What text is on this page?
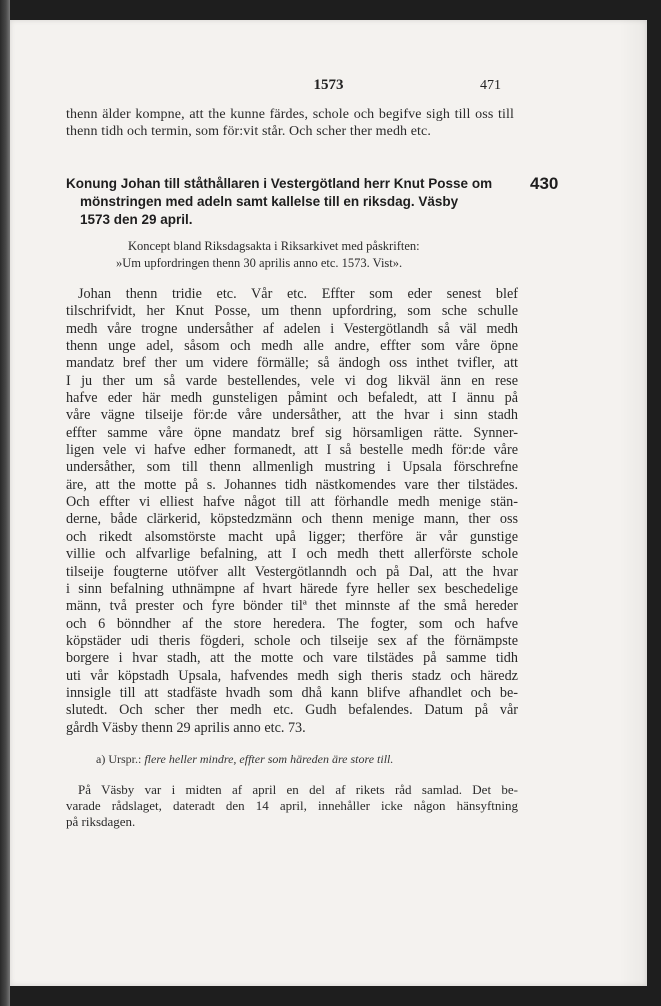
1573	471
thenn älder kompne, att the kunne färdes, schole och begifve sigh till oss till thenn tidh och termin, som för:vit står. Och scher ther medh etc.
Konung Johan till ståthållaren i Vestergötland herr Knut Posse om
mönstringen med adeln samt kallelse till en riksdag. Väsby
1573 den 29 april.
430
Koncept bland Riksdagsakta i Riksarkivet med påskriften:
»Um upfordringen thenn 30 aprilis anno etc. 1573. Vist».
Johan thenn tridie etc. Vår etc. Effter som eder senest blef
tilschrifvidt, her Knut Posse, um thenn upfordring, som sche schulle
medh våre trogne undersåther af adelen i Vestergötlandh så väl medh
thenn unge adel, såsom och medh alle andre, effter som våre öpne
mandatz bref ther um videre förmälle; så ändogh oss inthet tvifler, att
I ju ther um så varde bestellendes, vele vi dog likväl änn en rese
hafve eder här medh gunsteligen påmint och befaledt, att I ännu på
våre vägne tilseije för:de våre undersåther, att the hvar i sinn stadh
effter samme våre öpne mandatz bref sig hörsamligen rätte. Synner-
ligen vele vi hafve edher formanedt, att I så bestelle medh för:de våre
undersåther, som till thenn allmenligh mustring i Upsala förschrefne
äre, att the motte på s. Johannes tidh nästkomendes vare ther tilstädes.
Och effter vi elliest hafve något till att förhandle medh menige stän-
derne, både clärkerid, köpstedzmänn och thenn menige mann, ther oss
och rikedt alsomstörste macht upå ligger; therföre är vår gunstige
villie och alfvarlige befalning, att I och medh thett allerförste schole
tilseije fougterne utöfver allt Vestergötlanndh och på Dal, att the hvar
i sinn befalning uthnämpne af hvart härede fyre heller sex beschedelige
männ, två prester och fyre bönder tilª thet minnste af the små hereder
och 6 bönndher af the store heredera. The fogter, som och hafve
köpstäder udi theris fögderi, schole och tilseije sex af the förnämpste
borgere i hvar stadh, att the motte och vare tilstädes på samme tidh
uti vår köpstadh Upsala, hafvendes medh sigh theris stadz och häredz
innsigle till att stadfäste hvadh som dhå kann blifve afhandlet och be-
slutedt. Och scher ther medh etc. Gudh befalendes. Datum på vår
gårdh Väsby thenn 29 aprilis anno etc. 73.
a) Urspr.: flere heller mindre, effter som häreden äre store till.
På Väsby var i midten af april en del af rikets råd samlad. Det be-
varade rådslaget, dateradt den 14 april, innehåller icke någon hänsyftning
på riksdagen.
